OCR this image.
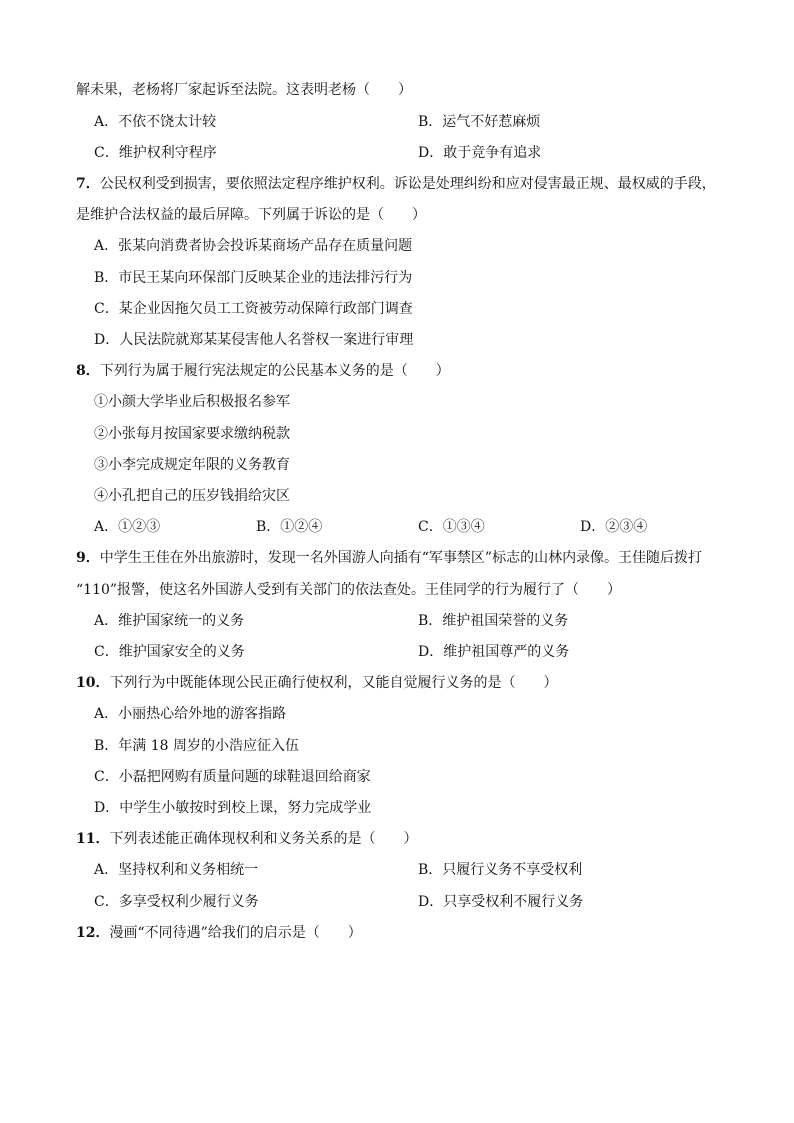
解未果，老杨将厂家起诉至法院。这表明老杨（　　）
A．不依不饶太计较	B．运气不好惹麻烦
C．维护权利守程序	D．敢于竞争有追求
7．公民权利受到损害，要依照法定程序维护权利。诉讼是处理纠纷和应对侵害最正规、最权威的手段，
是维护合法权益的最后屏障。下列属于诉讼的是（　　）
A．张某向消费者协会投诉某商场产品存在质量问题
B．市民王某向环保部门反映某企业的违法排污行为
C．某企业因拖欠员工工资被劳动保障行政部门调查
D．人民法院就郑某某侵害他人名誉权一案进行审理
8．下列行为属于履行宪法规定的公民基本义务的是（　　）
①小颜大学毕业后积极报名参军
②小张每月按国家要求缴纳税款
③小李完成规定年限的义务教育
④小孔把自己的压岁钱捐给灾区
A．①②③	B．①②④	C．①③④	D．②③④
9．中学生王佳在外出旅游时，发现一名外国游人向插有“军事禁区”标志的山林内录像。王佳随后拨打
“110”报警，使这名外国游人受到有关部门的依法查处。王佳同学的行为履行了（　　）
A．维护国家统一的义务	B．维护祖国荣誉的义务
C．维护国家安全的义务	D．维护祖国尊严的义务
10．下列行为中既能体现公民正确行使权利，又能自觉履行义务的是（　　）
A．小丽热心给外地的游客指路
B．年满 18 周岁的小浩应征入伍
C．小磊把网购有质量问题的球鞋退回给商家
D．中学生小敏按时到校上课，努力完成学业
11．下列表述能正确体现权利和义务关系的是（　　）
A．坚持权利和义务相统一	B．只履行义务不享受权利
C．多享受权利少履行义务	D．只享受权利不履行义务
12．漫画“不同待遇”给我们的启示是（　　）
